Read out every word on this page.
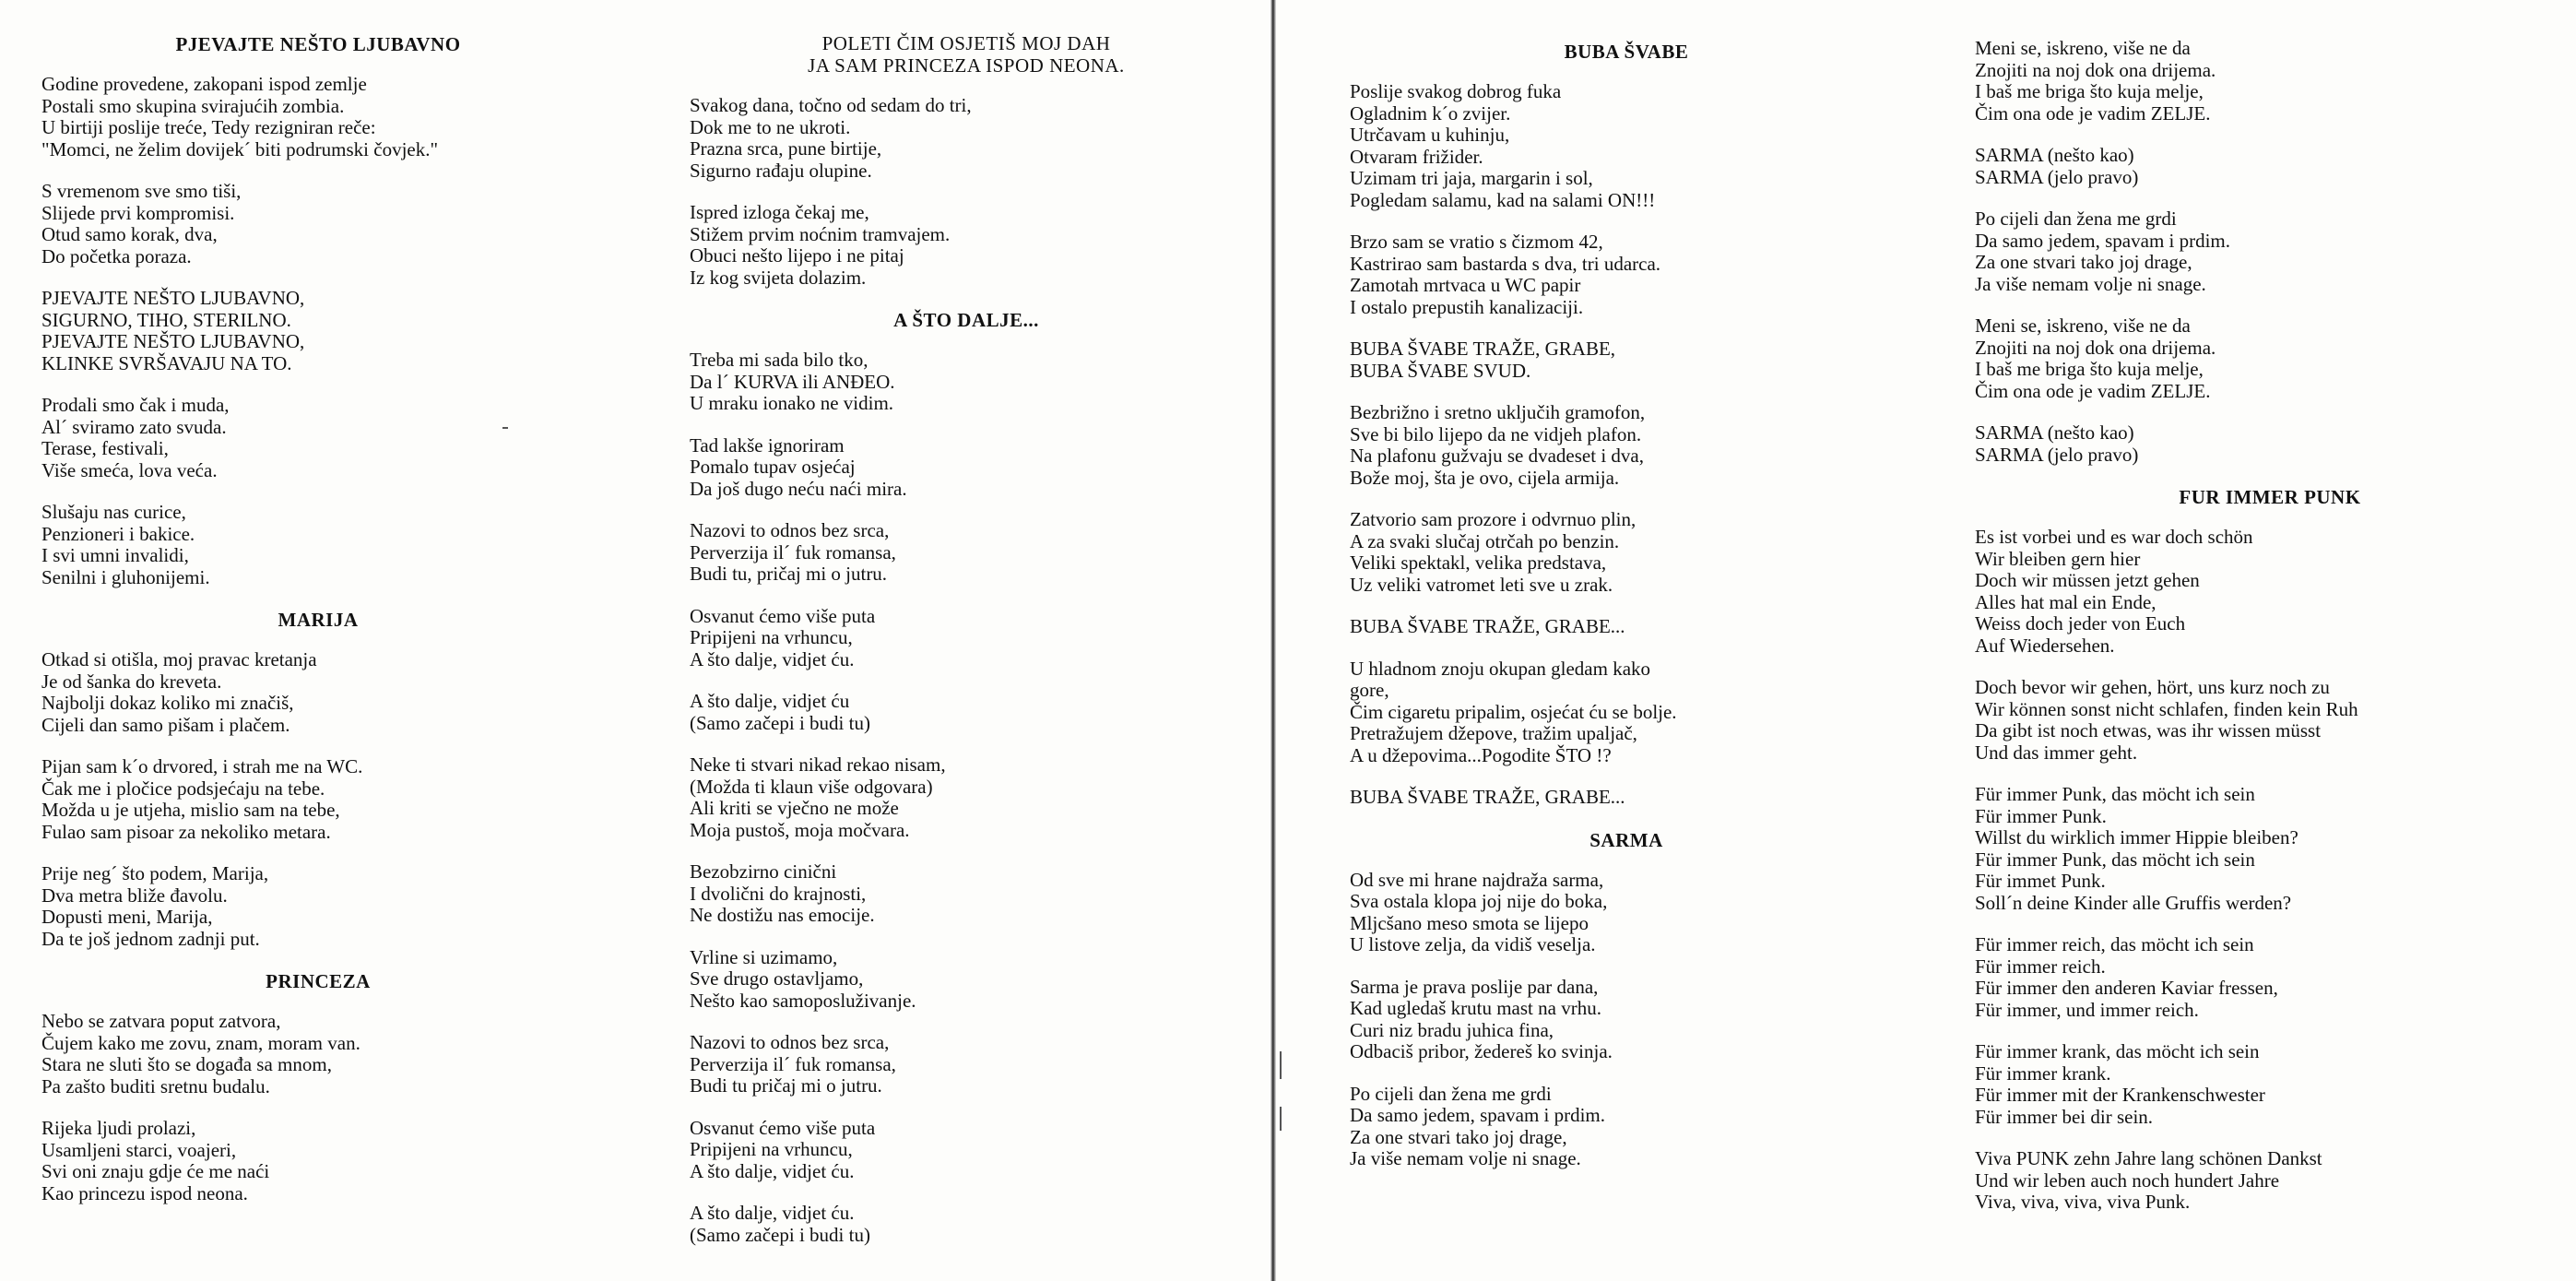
PJEVAJTE NEŠTO LJUBAVNO
Godine provedene, zakopani ispod zemlje
Postali smo skupina svirajućih zombia.
U birtiji poslije treće, Tedy rezigniran reče:
"Momci, ne želim dovijek´ biti podrumski čovjek."
S vremenom sve smo tiši,
Slijede prvi kompromisi.
Otud samo korak, dva,
Do početka poraza.
PJEVAJTE NEŠTO LJUBAVNO,
SIGURNO, TIHO, STERILNO.
PJEVAJTE NEŠTO LJUBAVNO,
KLINKE SVRŠAVAJU NA TO.
Prodali smo čak i muda,
Al´ sviramo zato svuda.
Terase, festivali,
Više smeća, lova veća.
Slušaju nas curice,
Penzioneri i bakice.
I svi umni invalidi,
Senilni i gluhonijemi.
MARIJA
Otkad si otišla, moj pravac kretanja
Je od šanka do kreveta.
Najbolji dokaz koliko mi značiš,
Cijeli dan samo pišam i plačem.
Pijan sam k´o drvored, i strah me na WC.
Čak me i pločice podsjećaju na tebe.
Možda u je utjeha, mislio sam na tebe,
Fulao sam pisoar za nekoliko metara.
Prije neg´ što podem, Marija,
Dva metra bliže đavolu.
Dopusti meni, Marija,
Da te još jednom zadnji put.
PRINCEZA
Nebo se zatvara poput zatvora,
Čujem kako me zovu, znam, moram van.
Stara ne sluti što se događa sa mnom,
Pa zašto buditi sretnu budalu.
Rijeka ljudi prolazi,
Usamljeni starci, voajeri,
Svi oni znaju gdje će me naći
Kao princezu ispod neona.
POLETI ČIM OSJETIŠ MOJ DAH
JA SAM PRINCEZA ISPOD NEONA.
Svakog dana, točno od sedam do tri,
Dok me to ne ukroti.
Prazna srca, pune birtije,
Sigurno rađaju olupine.
Ispred izloga čekaj me,
Stižem prvim noćnim tramvajem.
Obuci nešto lijepo i ne pitaj
Iz kog svijeta dolazim.
A ŠTO DALJE...
Treba mi sada bilo tko,
Da l´ KURVA ili ANĐEO.
U mraku ionako ne vidim.
Tad lakše ignoriram
Pomalo tupav osjećaj
Da još dugo neću naći mira.
Nazovi to odnos bez srca,
Perverzija il´ fuk romansa,
Budi tu, pričaj mi o jutru.
Osvanut ćemo više puta
Pripijeni na vrhuncu,
A što dalje, vidjet ću.
A što dalje, vidjet ću
(Samo začepi i budi tu)
Neke ti stvari nikad rekao nisam,
(Možda ti klaun više odgovara)
Ali kriti se vječno ne može
Moja pustoš, moja močvara.
Bezobzirno cinični
I dvolični do krajnosti,
Ne dostižu nas emocije.
Vrline si uzimamo,
Sve drugo ostavljamo,
Nešto kao samoposluživanje.
Nazovi to odnos bez srca,
Perverzija il´ fuk romansa,
Budi tu pričaj mi o jutru.
Osvanut ćemo više puta
Pripijeni na vrhuncu,
A što dalje, vidjet ću.
A što dalje, vidjet ću.
(Samo začepi i budi tu)
BUBA ŠVABE
Poslije svakog dobrog fuka
Ogladnim k´o zvijer.
Utrčavam u kuhinju,
Otvaram frižider.
Uzimam tri jaja, margarin i sol,
Pogledam salamu, kad na salami ON!!!
Brzo sam se vratio s čizmom 42,
Kastrirao sam bastarda s dva, tri udarca.
Zamotah mrtvaca u WC papir
I ostalo prepustih kanalizaciji.
BUBA ŠVABE TRAŽE, GRABE,
BUBA ŠVABE SVUD.
Bezbrižno i sretno uključih gramofon,
Sve bi bilo lijepo da ne vidjeh plafon.
Na plafonu gužvaju se dvadeset i dva,
Bože moj, šta je ovo, cijela armija.
Zatvorio sam prozore i odvrnuo plin,
A za svaki slučaj otrčah po benzin.
Veliki spektakl, velika predstava,
Uz veliki vatromet leti sve u zrak.
BUBA ŠVABE TRAŽE, GRABE...
U hladnom znoju okupan gledam kako
gore,
Čim cigaretu pripalim, osjećat ću se bolje.
Pretražujem džepove, tražim upaljač,
A u džepovima...Pogodite ŠTO !?
BUBA ŠVABE TRAŽE, GRABE...
SARMA
Od sve mi hrane najdraža sarma,
Sva ostala klopa joj nije do boka,
Mljcšano meso smota se lijepo
U listove zelja, da vidiš veselja.
Sarma je prava poslije par dana,
Kad ugledaš krutu mast na vrhu.
Curi niz bradu juhica fina,
Odbaciš pribor, žedereš ko svinja.
Po cijeli dan žena me grdi
Da samo jedem, spavam i prdim.
Za one stvari tako joj drage,
Ja više nemam volje ni snage.
Meni se, iskreno, više ne da
Znojiti na noj dok ona drijema.
I baš me briga što kuja melje,
Čim ona ode je vadim ZELJE.
SARMA (nešto kao)
SARMA (jelo pravo)
Po cijeli dan žena me grdi
Da samo jedem, spavam i prdim.
Za one stvari tako joj drage,
Ja više nemam volje ni snage.
Meni se, iskreno, više ne da
Znojiti na noj dok ona drijema.
I baš me briga što kuja melje,
Čim ona ode je vadim ZELJE.
SARMA (nešto kao)
SARMA (jelo pravo)
FUR IMMER PUNK
Es ist vorbei und es war doch schön
Wir bleiben gern hier
Doch wir müssen jetzt gehen
Alles hat mal ein Ende,
Weiss doch jeder von Euch
Auf Wiedersehen.
Doch bevor wir gehen, hört, uns kurz noch zu
Wir können sonst nicht schlafen, finden kein Ruh
Da gibt ist noch etwas, was ihr wissen müsst
Und das immer geht.
Für immer Punk, das möcht ich sein
Für immer Punk.
Willst du wirklich immer Hippie bleiben?
Für immer Punk, das möcht ich sein
Für immet Punk.
Soll´n deine Kinder alle Gruffis werden?
Für immer reich, das möcht ich sein
Für immer reich.
Für immer den anderen Kaviar fressen,
Für immer, und immer reich.
Für immer krank, das möcht ich sein
Für immer krank.
Für immer mit der Krankenschwester
Für immer bei dir sein.
Viva PUNK zehn Jahre lang schönen Dankst
Und wir leben auch noch hundert Jahre
Viva, viva, viva, viva Punk.
